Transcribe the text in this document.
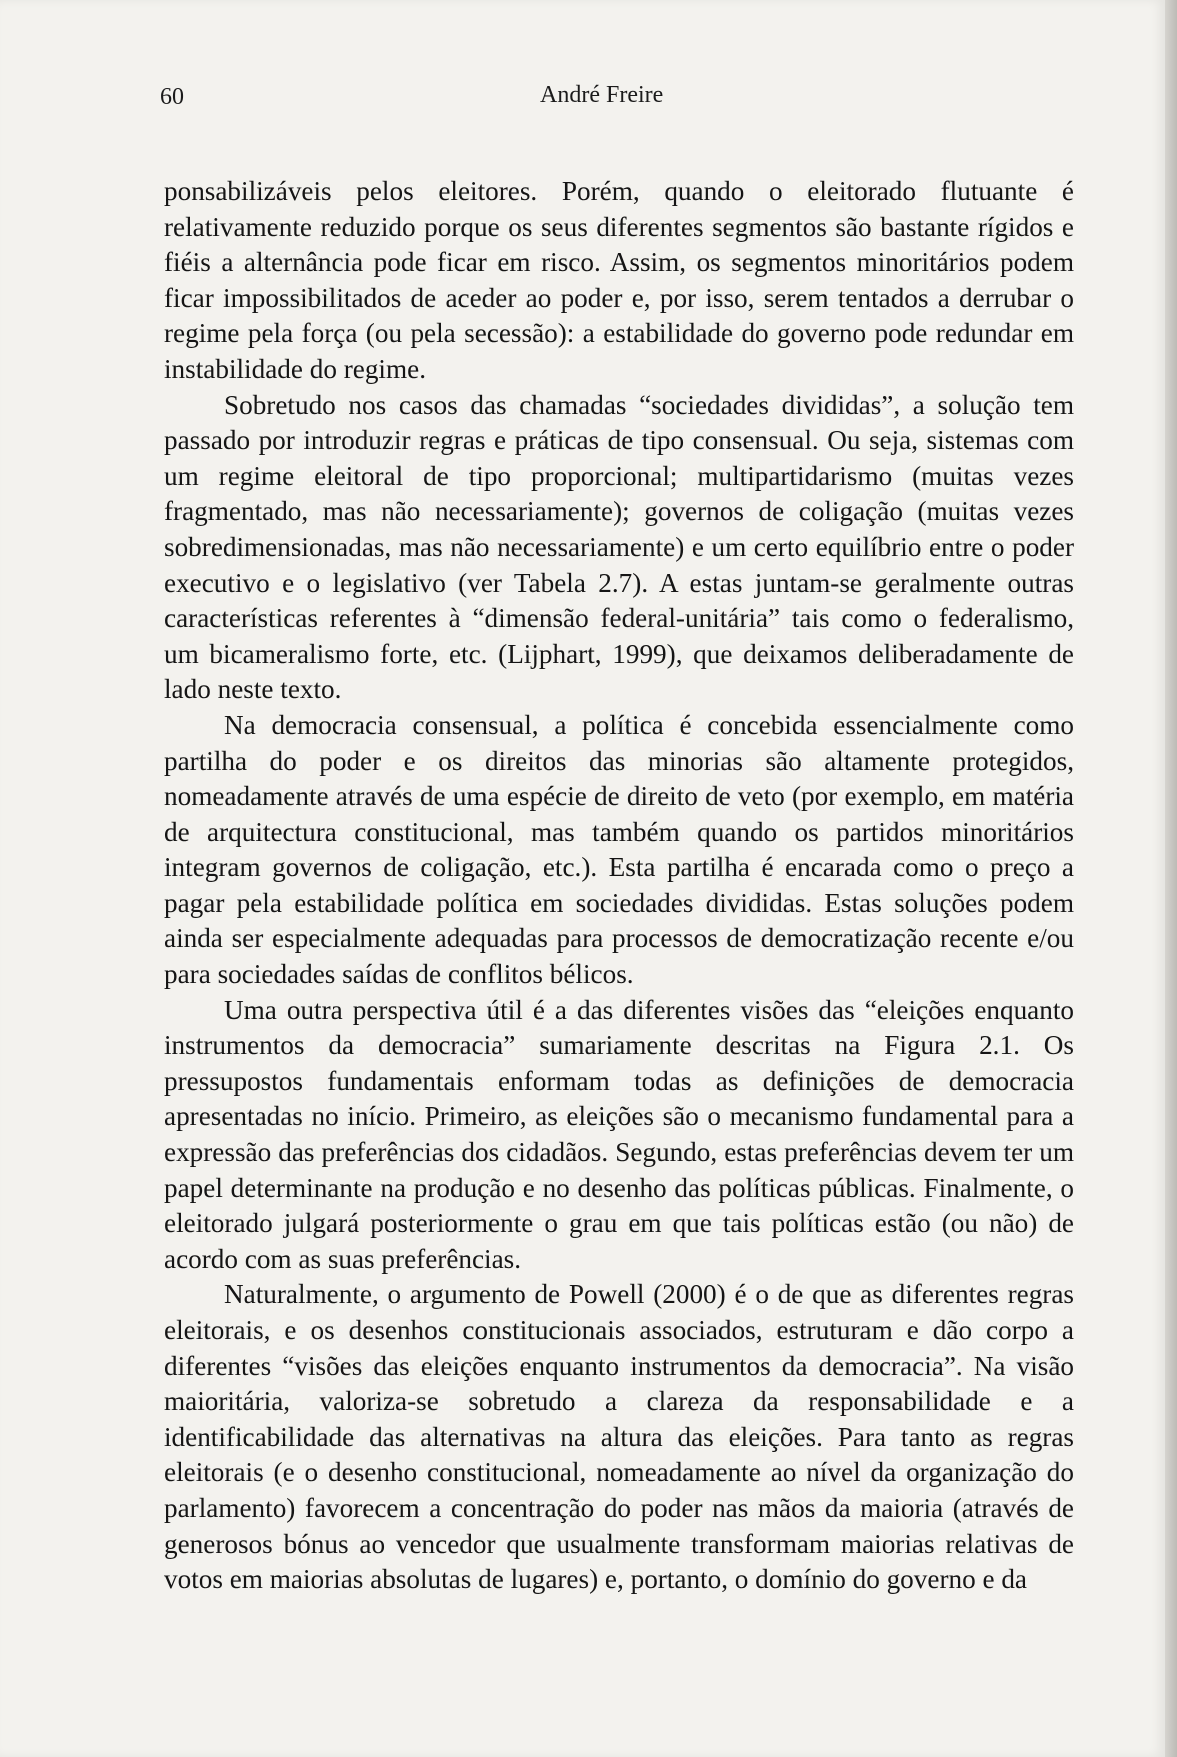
60	André Freire

ponsabilizáveis pelos eleitores. Porém, quando o eleitorado flutuante é relativamente reduzido porque os seus diferentes segmentos são bastante rígidos e fiéis a alternância pode ficar em risco. Assim, os segmentos minoritários podem ficar impossibilitados de aceder ao poder e, por isso, serem tentados a derrubar o regime pela força (ou pela secessão): a estabilidade do governo pode redundar em instabilidade do regime.

Sobretudo nos casos das chamadas “sociedades divididas”, a solução tem passado por introduzir regras e práticas de tipo consensual. Ou seja, sistemas com um regime eleitoral de tipo proporcional; multipartidarismo (muitas vezes fragmentado, mas não necessariamente); governos de coligação (muitas vezes sobredimensionadas, mas não necessariamente) e um certo equilíbrio entre o poder executivo e o legislativo (ver Tabela 2.7). A estas juntam-se geralmente outras características referentes à “dimensão federal-unitária” tais como o federalismo, um bicameralismo forte, etc. (Lijphart, 1999), que deixamos deliberadamente de lado neste texto.

Na democracia consensual, a política é concebida essencialmente como partilha do poder e os direitos das minorias são altamente protegidos, nomeadamente através de uma espécie de direito de veto (por exemplo, em matéria de arquitectura constitucional, mas também quando os partidos minoritários integram governos de coligação, etc.). Esta partilha é encarada como o preço a pagar pela estabilidade política em sociedades divididas. Estas soluções podem ainda ser especialmente adequadas para processos de democratização recente e/ou para sociedades saídas de conflitos bélicos.

Uma outra perspectiva útil é a das diferentes visões das “eleições enquanto instrumentos da democracia” sumariamente descritas na Figura 2.1. Os pressupostos fundamentais enformam todas as definições de democracia apresentadas no início. Primeiro, as eleições são o mecanismo fundamental para a expressão das preferências dos cidadãos. Segundo, estas preferências devem ter um papel determinante na produção e no desenho das políticas públicas. Finalmente, o eleitorado julgará posteriormente o grau em que tais políticas estão (ou não) de acordo com as suas preferências.

Naturalmente, o argumento de Powell (2000) é o de que as diferentes regras eleitorais, e os desenhos constitucionais associados, estruturam e dão corpo a diferentes “visões das eleições enquanto instrumentos da democracia”. Na visão maioritária, valoriza-se sobretudo a clareza da responsabilidade e a identificabilidade das alternativas na altura das eleições. Para tanto as regras eleitorais (e o desenho constitucional, nomeadamente ao nível da organização do parlamento) favorecem a concentração do poder nas mãos da maioria (através de generosos bónus ao vencedor que usualmente transformam maiorias relativas de votos em maiorias absolutas de lugares) e, portanto, o domínio do governo e da
